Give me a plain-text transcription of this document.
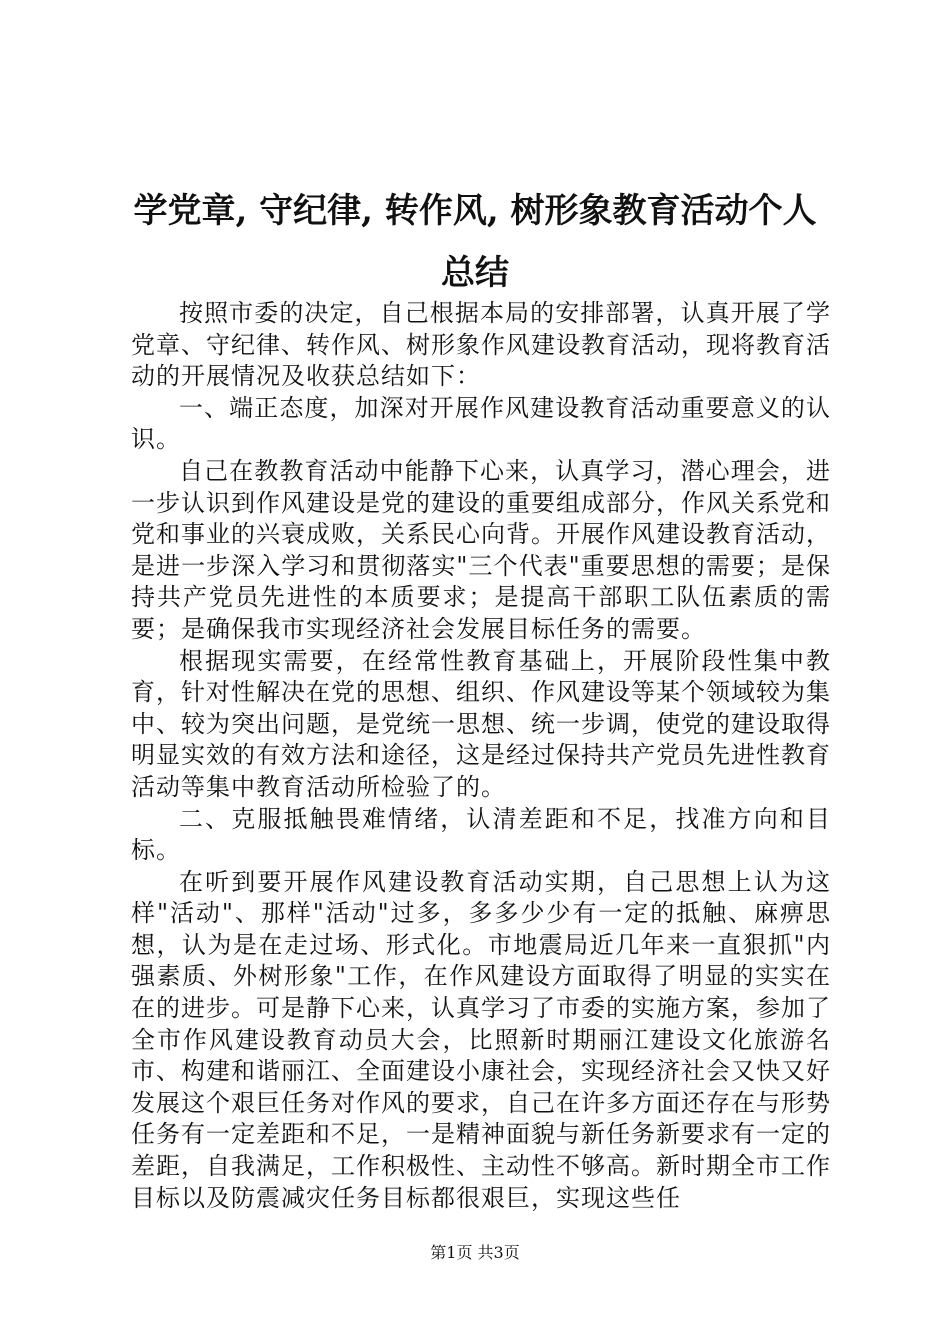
学党章, 守纪律, 转作风, 树形象教育活动个人总结

按照市委的决定，自己根据本局的安排部署，认真开展了学党章、守纪律、转作风、树形象作风建设教育活动，现将教育活动的开展情况及收获总结如下：

一、端正态度，加深对开展作风建设教育活动重要意义的认识。

自己在教教育活动中能静下心来，认真学习，潜心理会，进一步认识到作风建设是党的建设的重要组成部分，作风关系党和党和事业的兴衰成败，关系民心向背。开展作风建设教育活动，是进一步深入学习和贯彻落实"三个代表"重要思想的需要；是保持共产党员先进性的本质要求；是提高干部职工队伍素质的需要；是确保我市实现经济社会发展目标任务的需要。

根据现实需要，在经常性教育基础上，开展阶段性集中教育，针对性解决在党的思想、组织、作风建设等某个领域较为集中、较为突出问题，是党统一思想、统一步调，使党的建设取得明显实效的有效方法和途径，这是经过保持共产党员先进性教育活动等集中教育活动所检验了的。

二、克服抵触畏难情绪，认清差距和不足，找准方向和目标。

在听到要开展作风建设教育活动实期，自己思想上认为这样"活动"、那样"活动"过多，多多少少有一定的抵触、麻痹思想，认为是在走过场、形式化。市地震局近几年来一直狠抓"内强素质、外树形象"工作，在作风建设方面取得了明显的实实在在的进步。可是静下心来，认真学习了市委的实施方案，参加了全市作风建设教育动员大会，比照新时期丽江建设文化旅游名市、构建和谐丽江、全面建设小康社会，实现经济社会又快又好发展这个艰巨任务对作风的要求，自己在许多方面还存在与形势任务有一定差距和不足，一是精神面貌与新任务新要求有一定的差距，自我满足，工作积极性、主动性不够高。新时期全市工作目标以及防震减灾任务目标都很艰巨，实现这些任

第1页 共3页
